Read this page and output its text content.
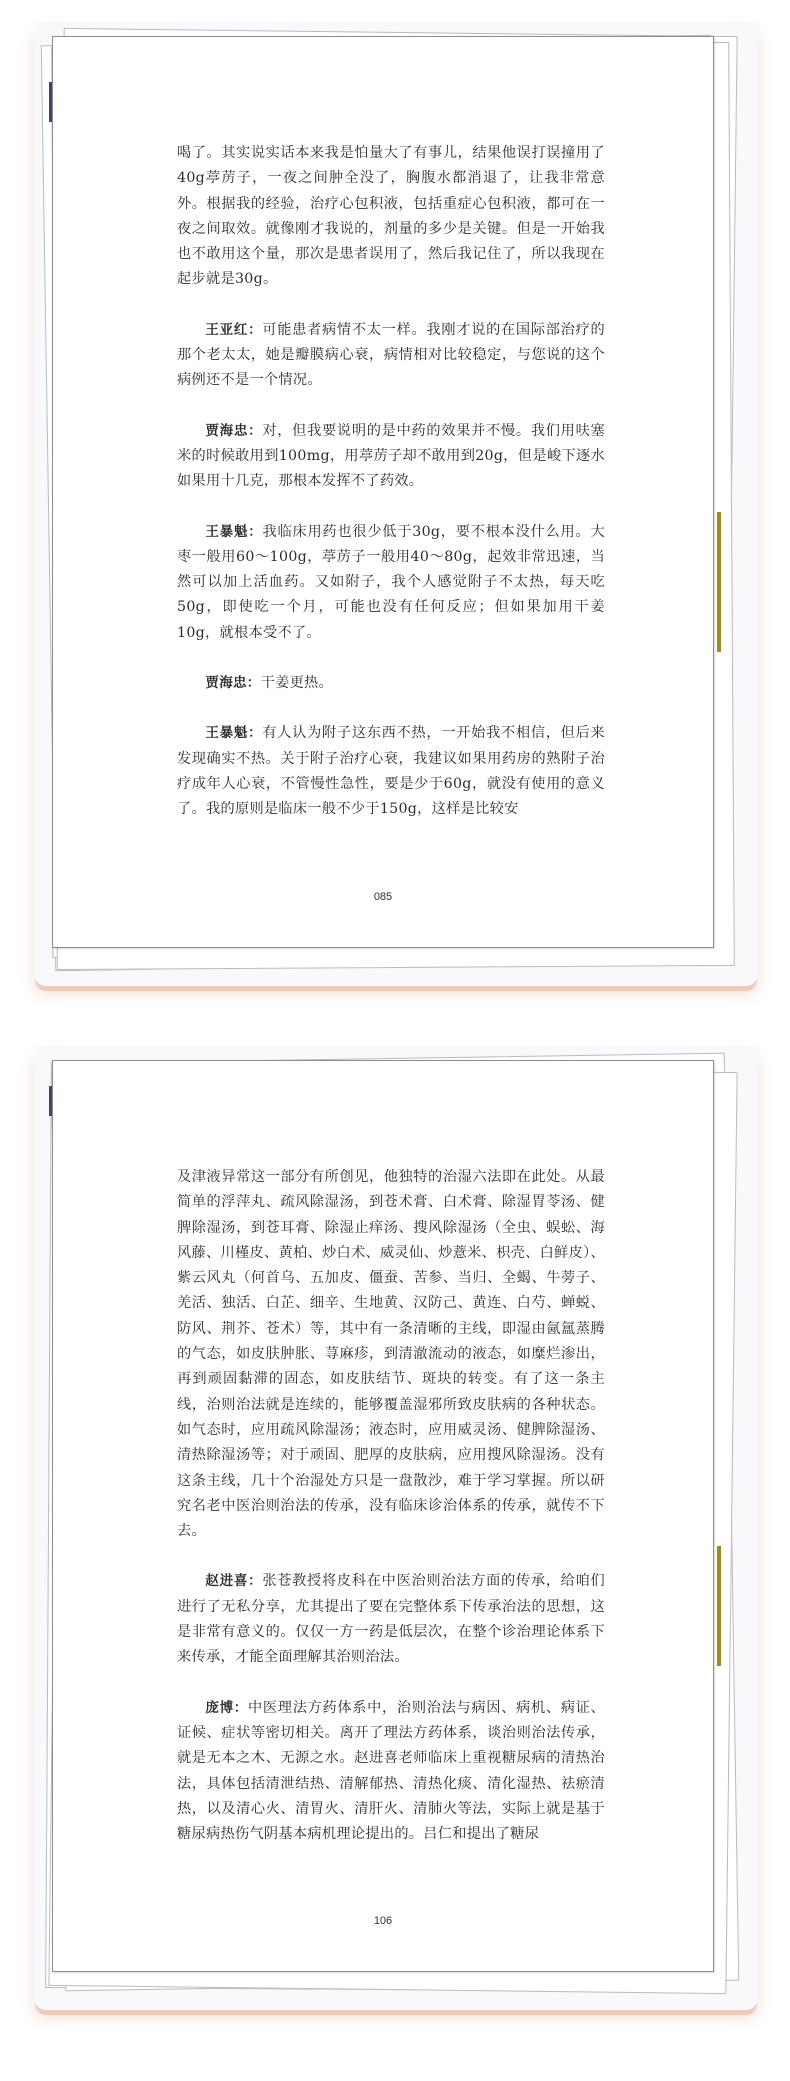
喝了。其实说实话本来我是怕量大了有事儿，结果他误打误撞用了40g葶苈子，一夜之间肿全没了，胸腹水都消退了，让我非常意外。根据我的经验，治疗心包积液，包括重症心包积液，都可在一夜之间取效。就像刚才我说的，剂量的多少是关键。但是一开始我也不敢用这个量，那次是患者误用了，然后我记住了，所以我现在起步就是30g。

王亚红：可能患者病情不太一样。我刚才说的在国际部治疗的那个老太太，她是瓣膜病心衰，病情相对比较稳定，与您说的这个病例还不是一个情况。

贾海忠：对，但我要说明的是中药的效果并不慢。我们用呋塞米的时候敢用到100mg，用葶苈子却不敢用到20g，但是峻下逐水如果用十几克，那根本发挥不了药效。

王暴魁：我临床用药也很少低于30g，要不根本没什么用。大枣一般用60～100g，葶苈子一般用40～80g，起效非常迅速，当然可以加上活血药。又如附子，我个人感觉附子不太热，每天吃50g，即使吃一个月，可能也没有任何反应；但如果加用干姜10g，就根本受不了。

贾海忠：干姜更热。

王暴魁：有人认为附子这东西不热，一开始我不相信，但后来发现确实不热。关于附子治疗心衰，我建议如果用药房的熟附子治疗成年人心衰，不管慢性急性，要是少于60g，就没有使用的意义了。我的原则是临床一般不少于150g，这样是比较安

085

及津液异常这一部分有所创见，他独特的治湿六法即在此处。从最简单的浮萍丸、疏风除湿汤，到苍术膏、白术膏、除湿胃苓汤、健脾除湿汤，到苍耳膏、除湿止痒汤、搜风除湿汤（全虫、蜈蚣、海风藤、川槿皮、黄柏、炒白术、威灵仙、炒薏米、枳壳、白鲜皮）、紫云风丸（何首乌、五加皮、僵蚕、苦参、当归、全蝎、牛蒡子、羌活、独活、白芷、细辛、生地黄、汉防己、黄连、白芍、蝉蜕、防风、荆芥、苍术）等，其中有一条清晰的主线，即湿由氤氲蒸腾的气态，如皮肤肿胀、荨麻疹，到清澈流动的液态，如糜烂渗出，再到顽固黏滞的固态，如皮肤结节、斑块的转变。有了这一条主线，治则治法就是连续的，能够覆盖湿邪所致皮肤病的各种状态。如气态时，应用疏风除湿汤；液态时，应用威灵汤、健脾除湿汤、清热除湿汤等；对于顽固、肥厚的皮肤病，应用搜风除湿汤。没有这条主线，几十个治湿处方只是一盘散沙，难于学习掌握。所以研究名老中医治则治法的传承，没有临床诊治体系的传承，就传不下去。

赵进喜：张苍教授将皮科在中医治则治法方面的传承，给咱们进行了无私分享，尤其提出了要在完整体系下传承治法的思想，这是非常有意义的。仅仅一方一药是低层次，在整个诊治理论体系下来传承，才能全面理解其治则治法。

庞博：中医理法方药体系中，治则治法与病因、病机、病证、证候、症状等密切相关。离开了理法方药体系，谈治则治法传承，就是无本之木、无源之水。赵进喜老师临床上重视糖尿病的清热治法，具体包括清泄结热、清解郁热、清热化痰、清化湿热、祛瘀清热，以及清心火、清胃火、清肝火、清肺火等法，实际上就是基于糖尿病热伤气阴基本病机理论提出的。吕仁和提出了糖尿

106
